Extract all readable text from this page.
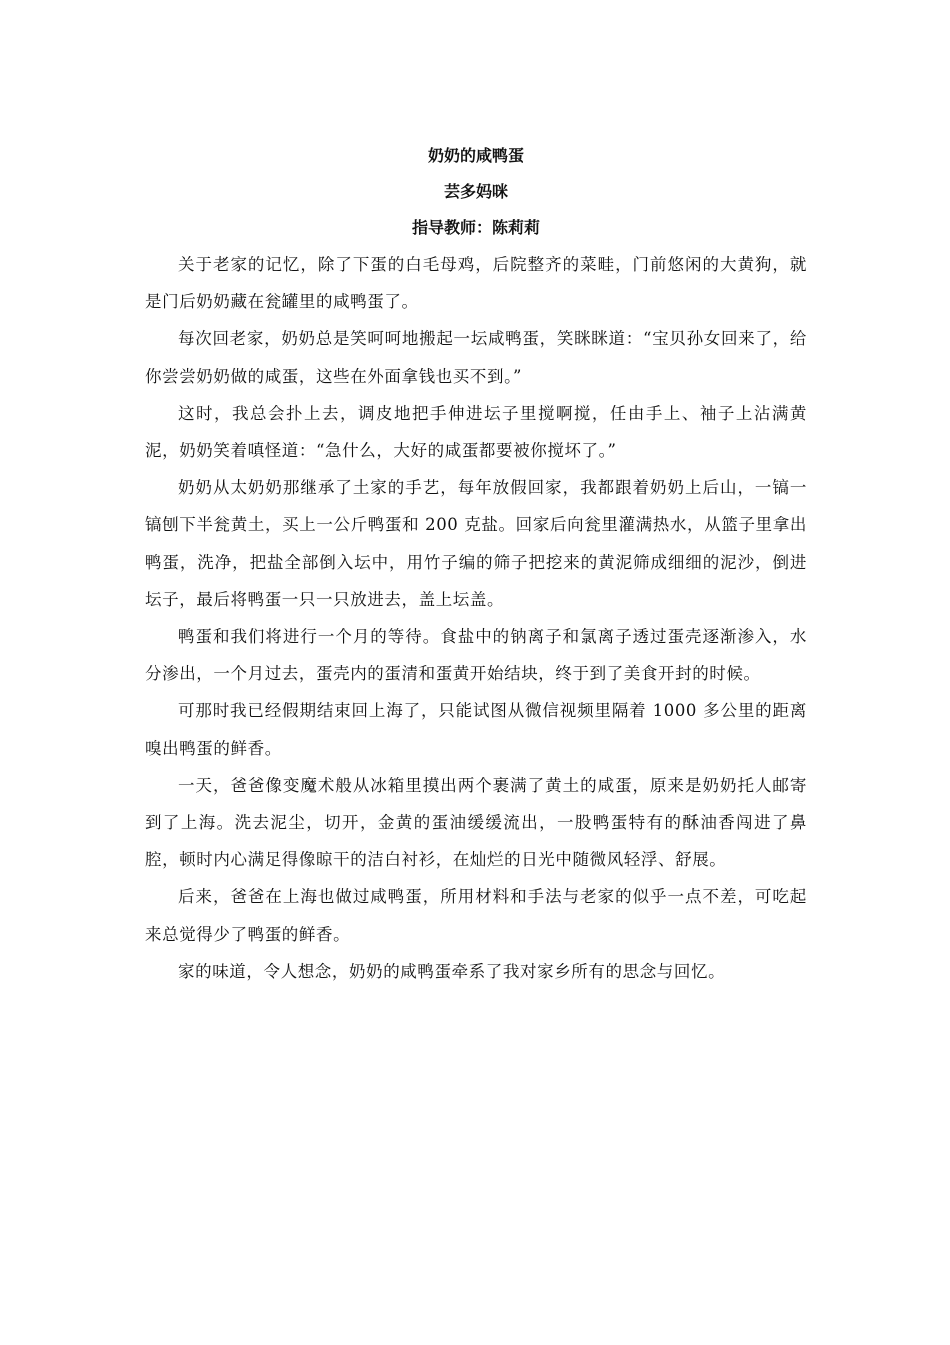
奶奶的咸鸭蛋

芸多妈咪

指导教师：陈莉莉

关于老家的记忆，除了下蛋的白毛母鸡，后院整齐的菜畦，门前悠闲的大黄狗，就是门后奶奶藏在瓮罐里的咸鸭蛋了。

每次回老家，奶奶总是笑呵呵地搬起一坛咸鸭蛋，笑眯眯道：“宝贝孙女回来了，给你尝尝奶奶做的咸蛋，这些在外面拿钱也买不到。”

这时，我总会扑上去，调皮地把手伸进坛子里搅啊搅，任由手上、袖子上沾满黄泥，奶奶笑着嗔怪道：“急什么，大好的咸蛋都要被你搅坏了。”

奶奶从太奶奶那继承了土家的手艺，每年放假回家，我都跟着奶奶上后山，一镐一镐刨下半瓮黄土，买上一公斤鸭蛋和 200 克盐。回家后向瓮里灌满热水，从篮子里拿出鸭蛋，洗净，把盐全部倒入坛中，用竹子编的筛子把挖来的黄泥筛成细细的泥沙，倒进坛子，最后将鸭蛋一只一只放进去，盖上坛盖。

鸭蛋和我们将进行一个月的等待。食盐中的钠离子和氯离子透过蛋壳逐渐渗入，水分渗出，一个月过去，蛋壳内的蛋清和蛋黄开始结块，终于到了美食开封的时候。

可那时我已经假期结束回上海了，只能试图从微信视频里隔着 1000 多公里的距离嗅出鸭蛋的鲜香。

一天，爸爸像变魔术般从冰箱里摸出两个裹满了黄土的咸蛋，原来是奶奶托人邮寄到了上海。洗去泥尘，切开，金黄的蛋油缓缓流出，一股鸭蛋特有的酥油香闯进了鼻腔，顿时内心满足得像晾干的洁白衬衫，在灿烂的日光中随微风轻浮、舒展。

后来，爸爸在上海也做过咸鸭蛋，所用材料和手法与老家的似乎一点不差，可吃起来总觉得少了鸭蛋的鲜香。

家的味道，令人想念，奶奶的咸鸭蛋牵系了我对家乡所有的思念与回忆。
